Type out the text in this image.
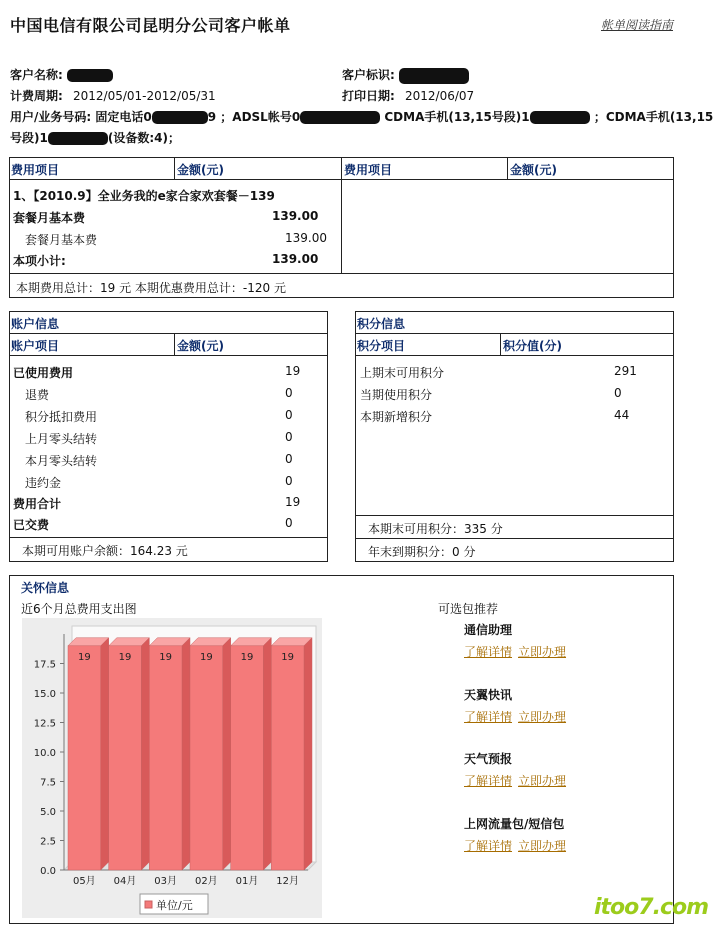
中国电信有限公司昆明分公司客户帐单	帐单阅读指南
客户名称:	客户标识:
计费周期: 2012/05/01-2012/05/31	打印日期: 2012/06/07
用户/业务号码: 固定电话0	9 ；ADSL帐号0	CDMA手机(13,15号段)1	；CDMA手机(13,15
号段)1	(设备数:4)；
费用项目	金额(元)	费用项目	金额(元)
1、【2010.9】全业务我的e家合家欢套餐－139
套餐月基本费	139.00
套餐月基本费	139.00
本项小计:	139.00
本期费用总计：19 元 本期优惠费用总计：-120 元
账户信息
账户项目	金额(元)
已使用费用	19
退费	0
积分抵扣费用	0
上月零头结转	0
本月零头结转	0
违约金	0
费用合计	19
已交费	0
本期可用账户余额：164.23 元
积分信息
积分项目	积分值(分)
上期末可用积分	291
当期使用积分	0
本期新增积分	44
本期末可用积分：335 分
年末到期积分：0 分
关怀信息
近6个月总费用支出图
0.0
2.5
5.0
7.5
10.0
12.5
15.0
17.5
19
05月
19
04月
19
03月
19
02月
19
01月
19
12月
单位/元
可选包推荐
通信助理
了解详情 立即办理
天翼快讯
了解详情 立即办理
天气预报
了解详情 立即办理
上网流量包/短信包
了解详情 立即办理
itoo7.com
